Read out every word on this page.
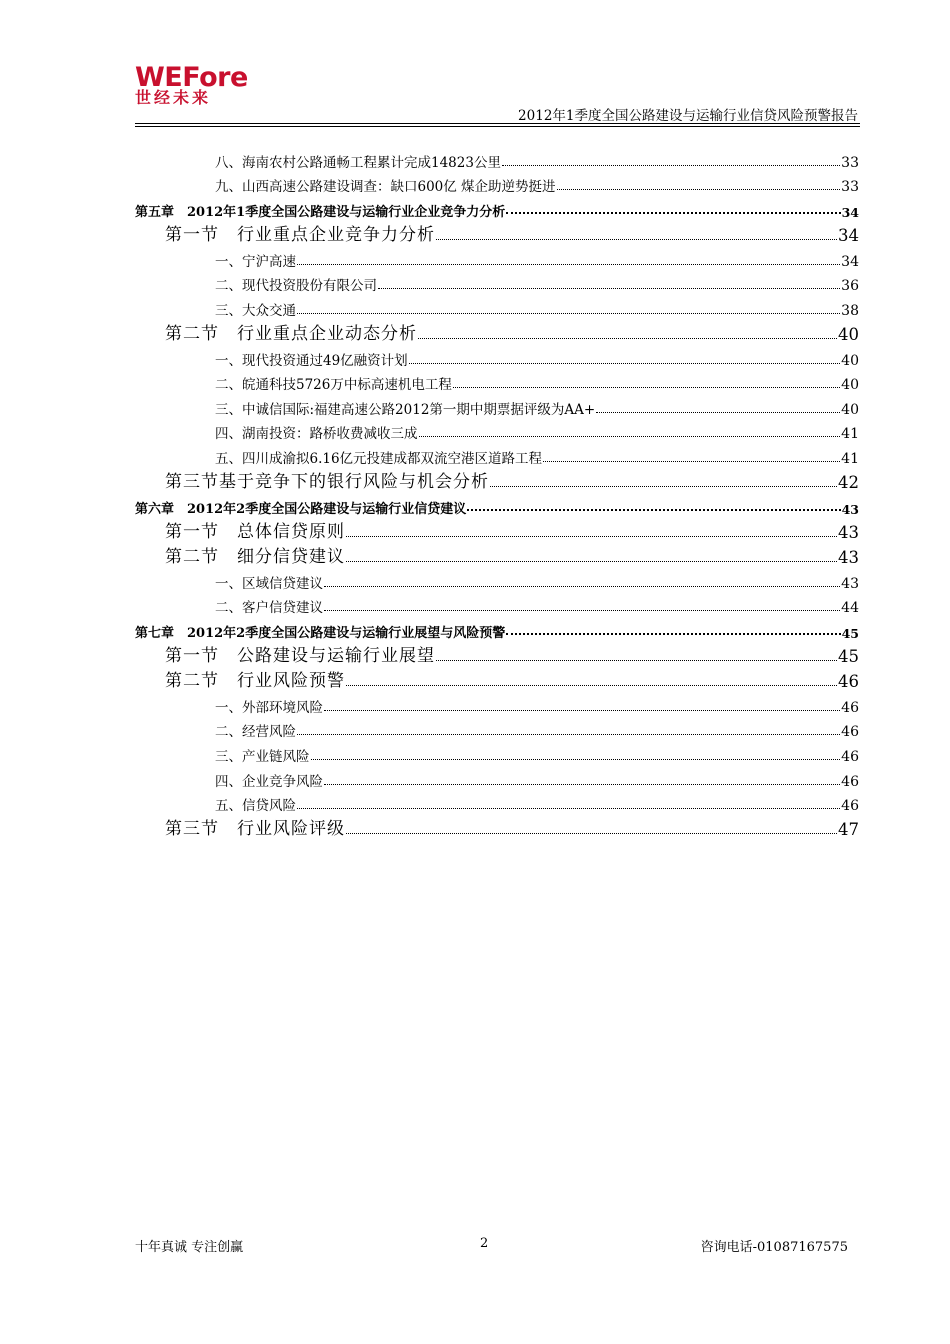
WEFore
世经未来
2012年1季度全国公路建设与运输行业信贷风险预警报告
八、海南农村公路通畅工程累计完成14823公里	33
九、山西高速公路建设调查：缺口600亿 煤企助逆势挺进	33
第五章　2012年1季度全国公路建设与运输行业企业竞争力分析	34
第一节　行业重点企业竞争力分析	34
一、宁沪高速	34
二、现代投资股份有限公司	36
三、大众交通	38
第二节　行业重点企业动态分析	40
一、现代投资通过49亿融资计划	40
二、皖通科技5726万中标高速机电工程	40
三、中诚信国际:福建高速公路2012第一期中期票据评级为AA+	40
四、湖南投资：路桥收费减收三成	41
五、四川成渝拟6.16亿元投建成都双流空港区道路工程	41
第三节基于竞争下的银行风险与机会分析	42
第六章　2012年2季度全国公路建设与运输行业信贷建议	43
第一节　总体信贷原则	43
第二节　细分信贷建议	43
一、区域信贷建议	43
二、客户信贷建议	44
第七章　2012年2季度全国公路建设与运输行业展望与风险预警	45
第一节　公路建设与运输行业展望	45
第二节　行业风险预警	46
一、外部环境风险	46
二、经营风险	46
三、产业链风险	46
四、企业竞争风险	46
五、信贷风险	46
第三节　行业风险评级	47
十年真诚 专注创赢	2	咨询电话-01087167575
